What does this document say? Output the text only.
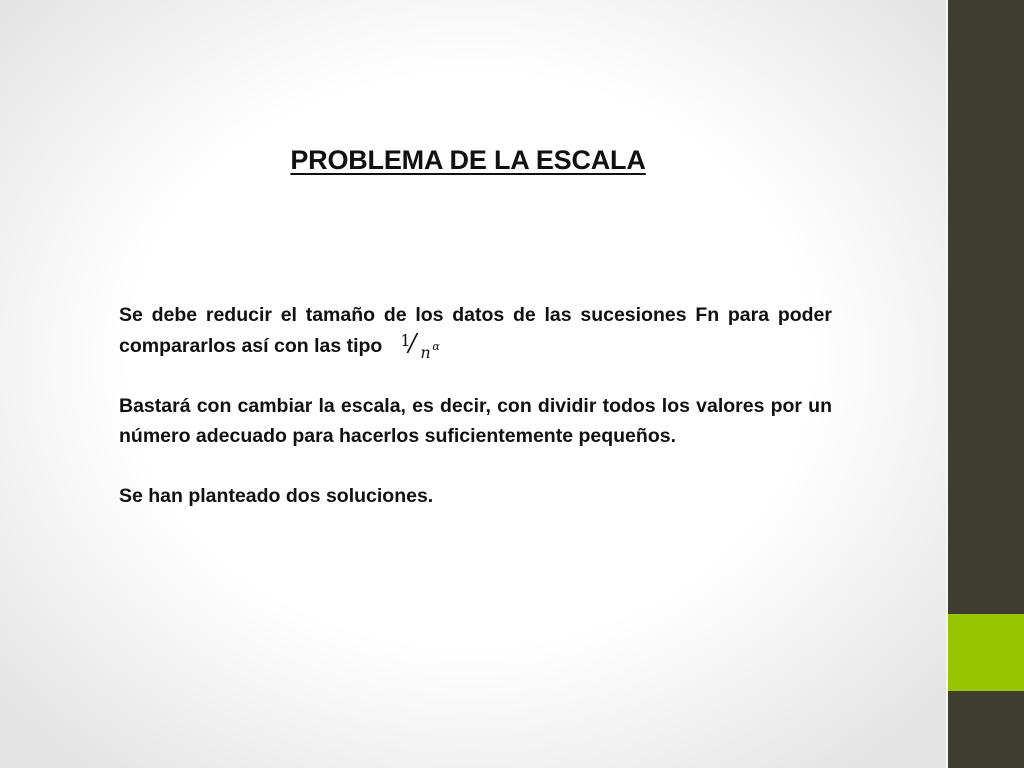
PROBLEMA DE LA ESCALA

Se debe reducir el tamaño de los datos de las sucesiones Fn para poder compararlos así con las tipo 1
/ n α

Bastará con cambiar la escala, es decir, con dividir todos los valores por un número adecuado para hacerlos suficientemente pequeños.

Se han planteado dos soluciones.
